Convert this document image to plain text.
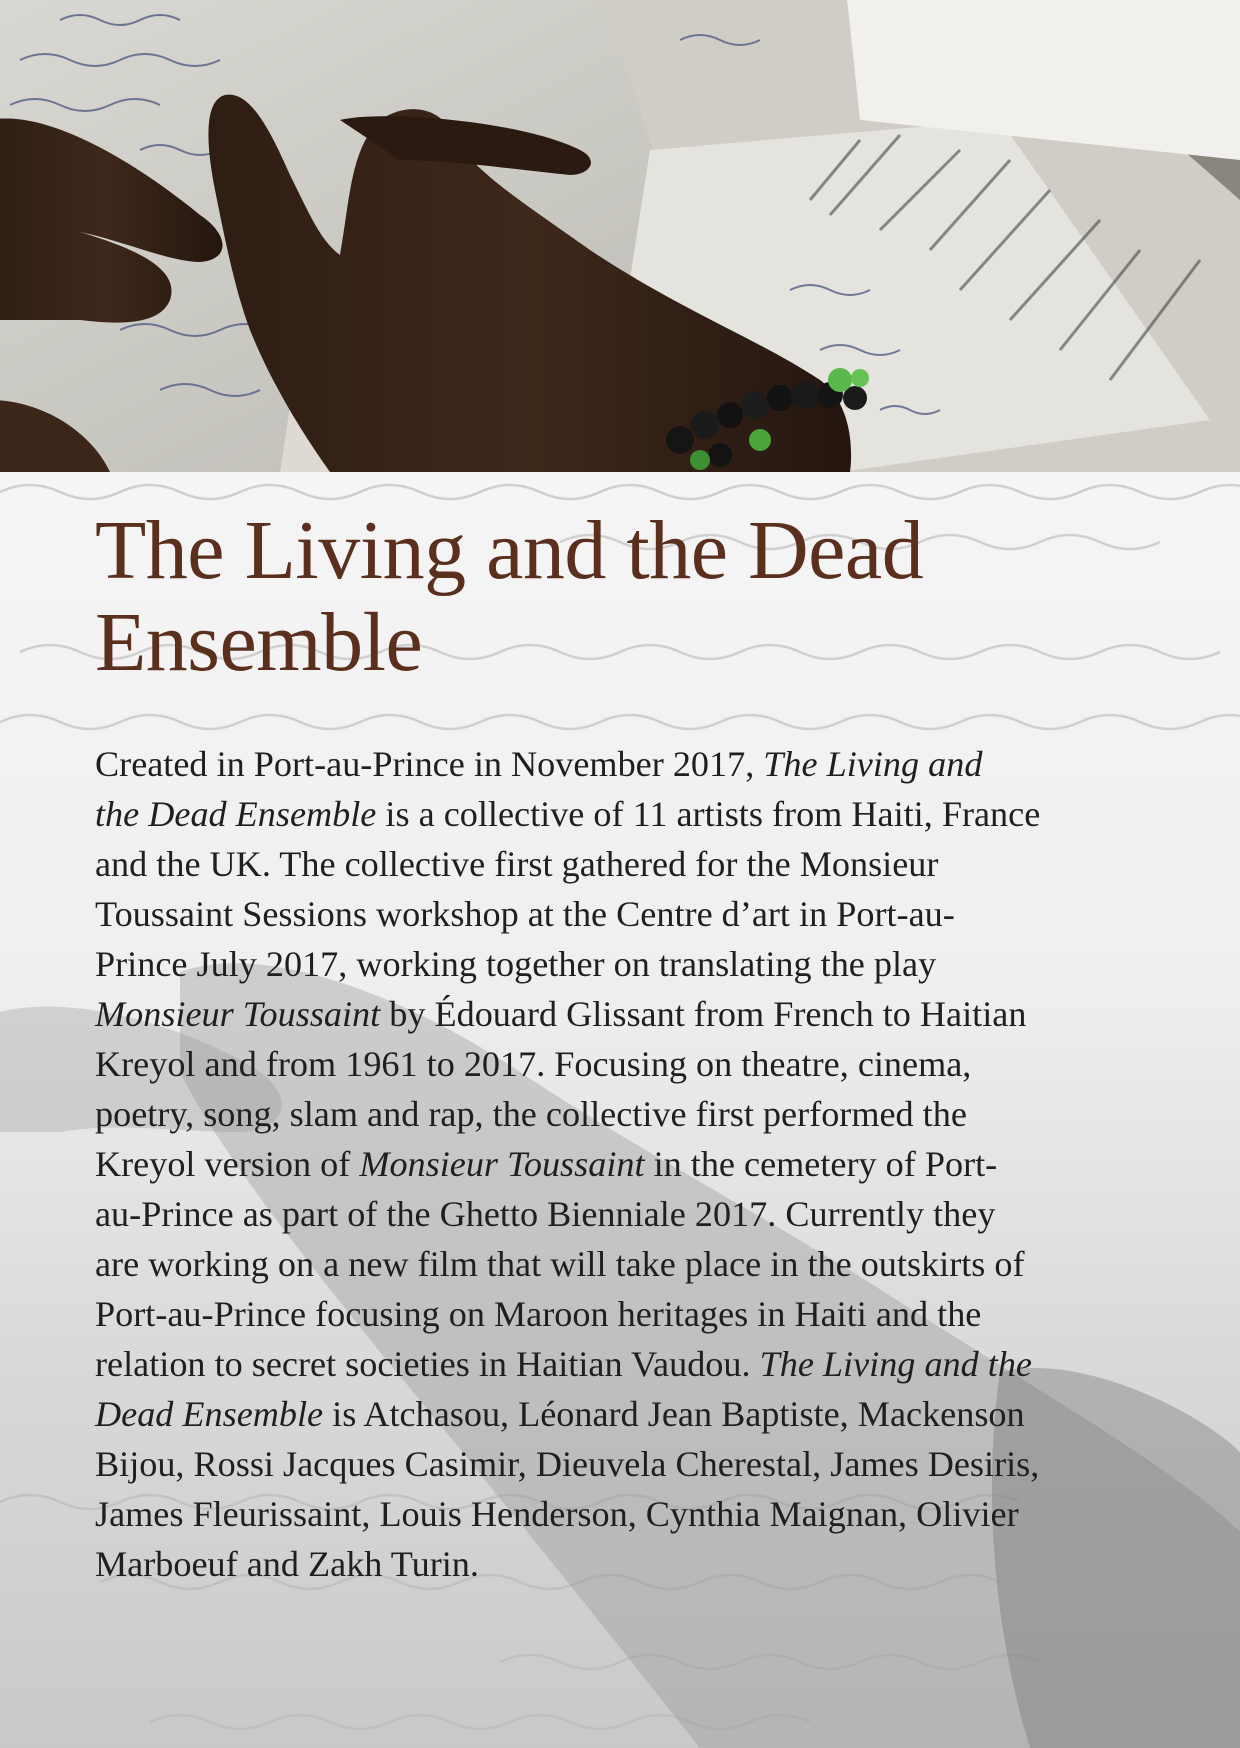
The Living and the Dead
Ensemble
Created in Port-au-Prince in November 2017, The Living and
the Dead Ensemble is a collective of 11 artists from Haiti, France
and the UK. The collective first gathered for the Monsieur
Toussaint Sessions workshop at the Centre d’art in Port-au-
Prince July 2017, working together on translating the play
Monsieur Toussaint by Édouard Glissant from French to Haitian
Kreyol and from 1961 to 2017. Focusing on theatre, cinema,
poetry, song, slam and rap, the collective first performed the
Kreyol version of Monsieur Toussaint in the cemetery of Port-
au-Prince as part of the Ghetto Bienniale 2017. Currently they
are working on a new film that will take place in the outskirts of
Port-au-Prince focusing on Maroon heritages in Haiti and the
relation to secret societies in Haitian Vaudou. The Living and the
Dead Ensemble is Atchasou, Léonard Jean Baptiste, Mackenson
Bijou, Rossi Jacques Casimir, Dieuvela Cherestal, James Desiris,
James Fleurissaint, Louis Henderson, Cynthia Maignan, Olivier
Marboeuf and Zakh Turin.
